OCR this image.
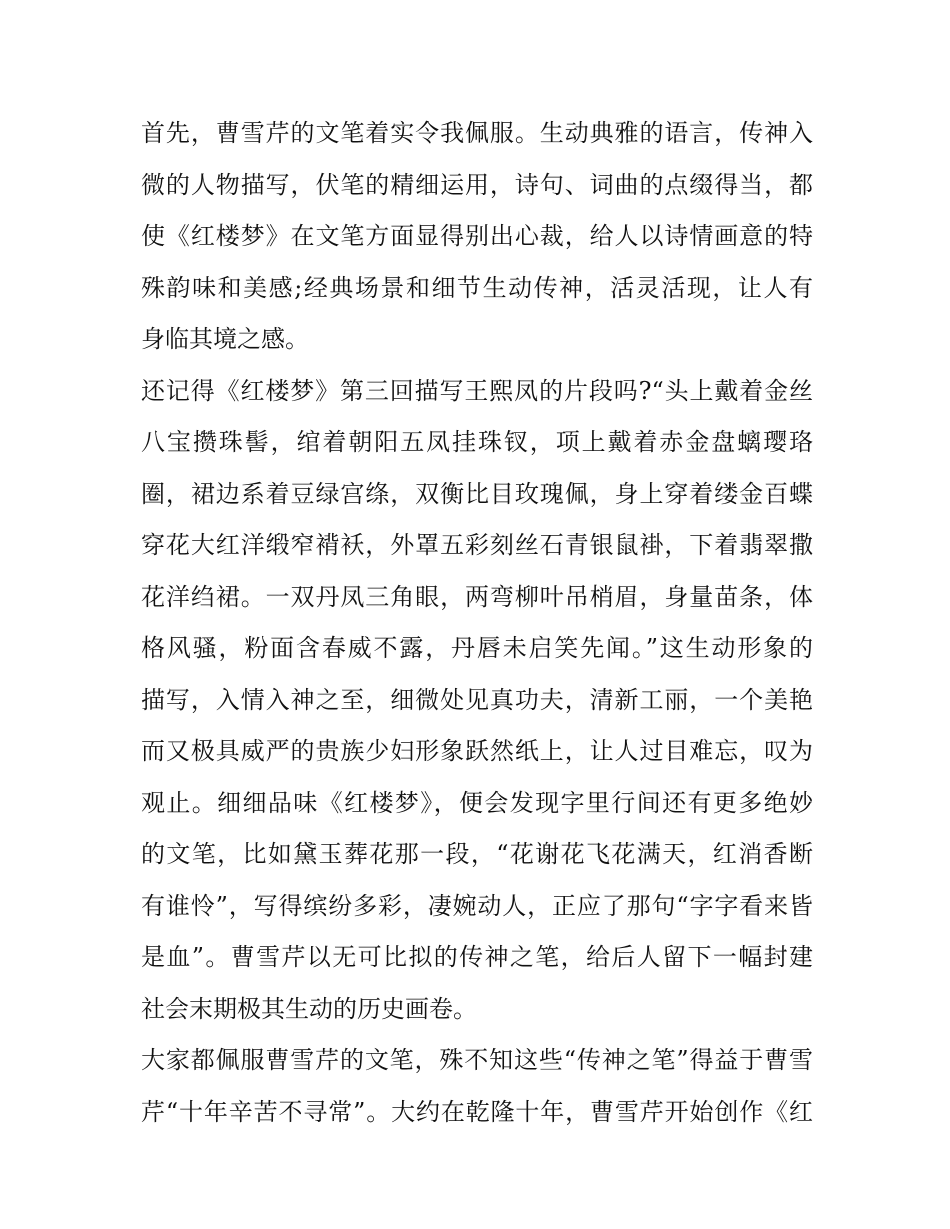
首先，曹雪芹的文笔着实令我佩服。生动典雅的语言，传神入
微的人物描写，伏笔的精细运用，诗句、词曲的点缀得当，都
使《红楼梦》在文笔方面显得别出心裁，给人以诗情画意的特
殊韵味和美感;经典场景和细节生动传神，活灵活现，让人有
身临其境之感。
还记得《红楼梦》第三回描写王熙凤的片段吗?“头上戴着金丝
八宝攒珠髻，绾着朝阳五凤挂珠钗，项上戴着赤金盘螭璎珞
圈，裙边系着豆绿宫绦，双衡比目玫瑰佩，身上穿着缕金百蝶
穿花大红洋缎窄褙袄，外罩五彩刻丝石青银鼠褂，下着翡翠撒
花洋绉裙。一双丹凤三角眼，两弯柳叶吊梢眉，身量苗条，体
格风骚，粉面含春威不露，丹唇未启笑先闻。”这生动形象的
描写，入情入神之至，细微处见真功夫，清新工丽，一个美艳
而又极具威严的贵族少妇形象跃然纸上，让人过目难忘，叹为
观止。细细品味《红楼梦》，便会发现字里行间还有更多绝妙
的文笔，比如黛玉葬花那一段，“花谢花飞花满天，红消香断
有谁怜”，写得缤纷多彩，凄婉动人，正应了那句“字字看来皆
是血”。曹雪芹以无可比拟的传神之笔，给后人留下一幅封建
社会末期极其生动的历史画卷。
大家都佩服曹雪芹的文笔，殊不知这些“传神之笔”得益于曹雪
芹“十年辛苦不寻常”。大约在乾隆十年，曹雪芹开始创作《红
